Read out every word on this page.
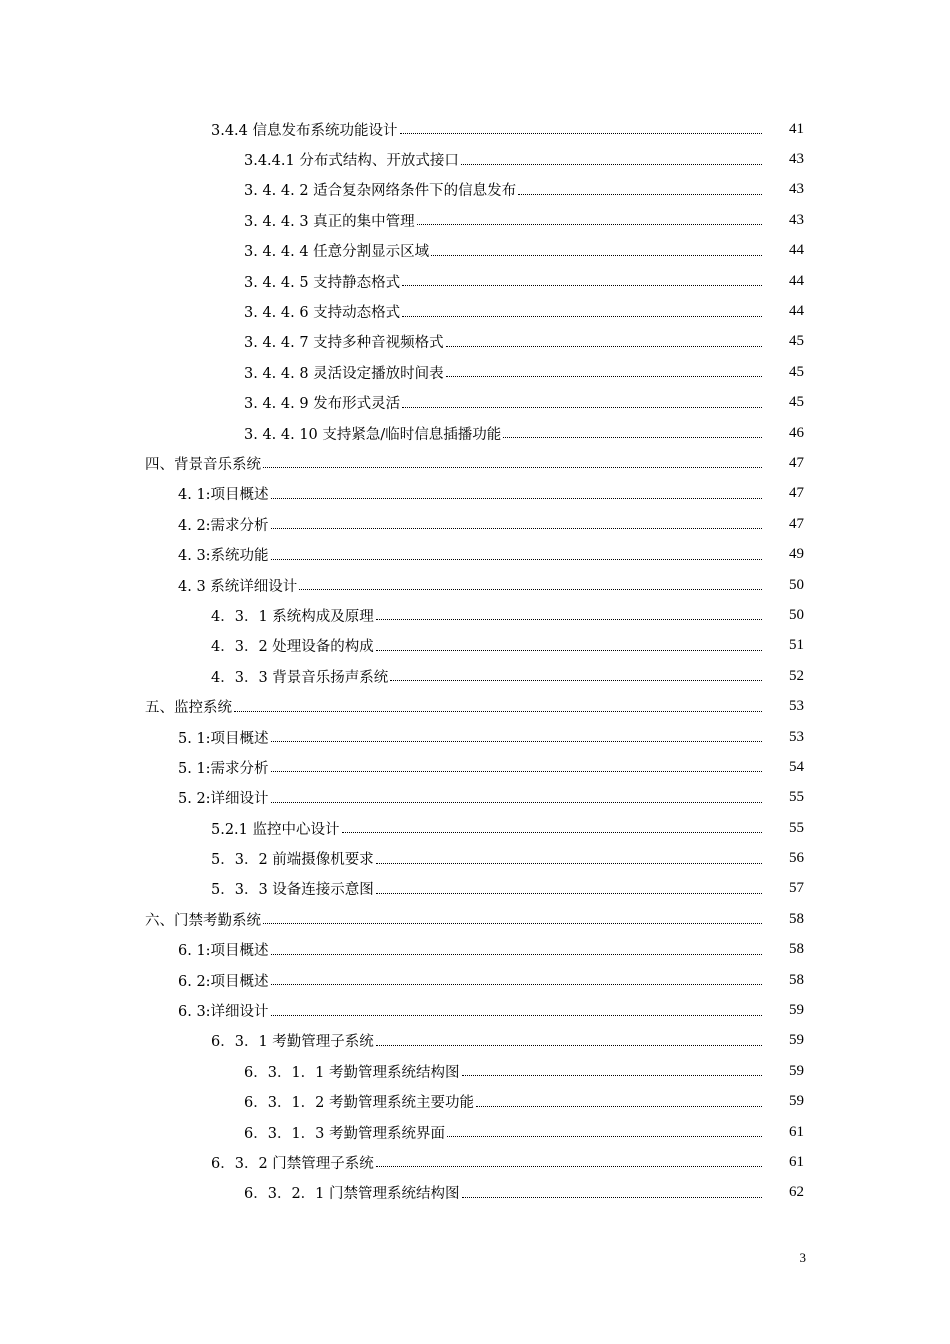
3.4.4 信息发布系统功能设计	41
3.4.4.1 分布式结构、开放式接口	43
3. 4. 4. 2 适合复杂网络条件下的信息发布	43
3. 4. 4. 3 真正的集中管理	43
3. 4. 4. 4 任意分割显示区域	44
3. 4. 4. 5 支持静态格式	44
3. 4. 4. 6 支持动态格式	44
3. 4. 4. 7 支持多种音视频格式	45
3. 4. 4. 8 灵活设定播放时间表	45
3. 4. 4. 9 发布形式灵活	45
3. 4. 4. 10 支持紧急/临时信息插播功能	46
四、背景音乐系统	47
4. 1:项目概述	47
4. 2:需求分析	47
4. 3:系统功能	49
4. 3 系统详细设计	50
4．3．1 系统构成及原理	50
4．3．2 处理设备的构成	51
4．3．3 背景音乐扬声系统	52
五、监控系统	53
5. 1:项目概述	53
5. 1:需求分析	54
5. 2:详细设计	55
5.2.1 监控中心设计	55
5．3．2 前端摄像机要求	56
5．3．3 设备连接示意图	57
六、门禁考勤系统	58
6. 1:项目概述	58
6. 2:项目概述	58
6. 3:详细设计	59
6．3．1 考勤管理子系统	59
6．3．1．1 考勤管理系统结构图	59
6．3．1．2 考勤管理系统主要功能	59
6．3．1．3 考勤管理系统界面	61
6．3．2 门禁管理子系统	61
6．3．2．1 门禁管理系统结构图	62
3
